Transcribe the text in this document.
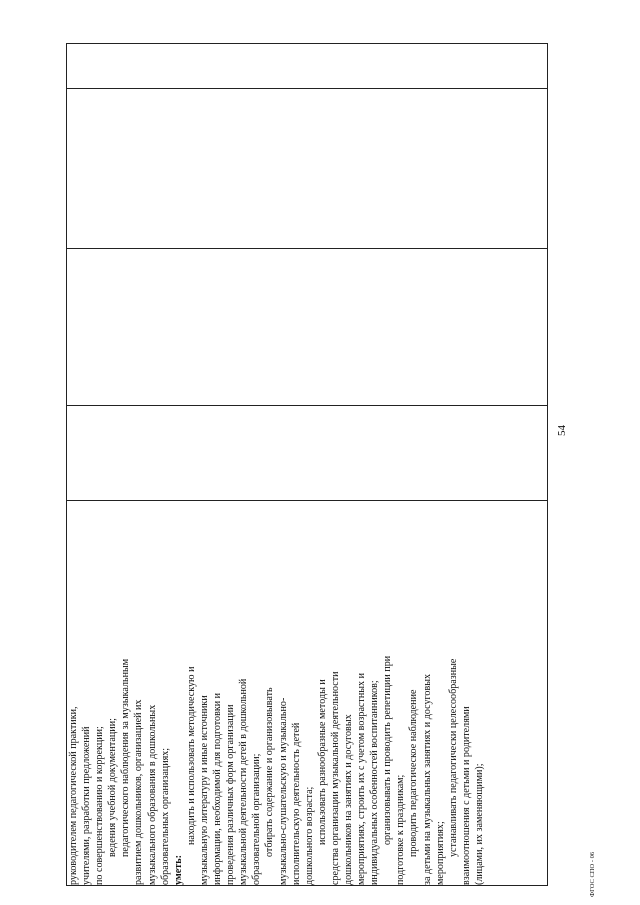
54
руководителем педагогической практики, учителями, разработки предложений по совершенствованию и коррекции; ведения учебной документации; педагогического наблюдения за музыкальным развитием дошкольников, организацией их музыкального образования в дошкольных образовательных организациях; уметь:
находить и использовать методическую и музыкальную литературу и иные источники информации, необходимой для подготовки и проведения различных форм организации музыкальной деятельности детей в дошкольной образовательной организации; отбирать содержание и организовывать музыкально-слушательскую и музыкально- исполнительскую деятельность детей дошкольного возраста; использовать разнообразные методы и средства организации музыкальной деятельности дошкольников на занятиях и досуговых мероприятиях, строить их с учетом возрастных и индивидуальных особенностей воспитанников; организовывать и проводить репетиции при подготовке к праздникам; проводить педагогическое наблюдение за детьми на музыкальных занятиях и досуговых мероприятиях; устанавливать педагогически целесообразные взаимоотношения с детьми и родителями (лицами, их заменяющими);
					ФГОС СПО - 06
